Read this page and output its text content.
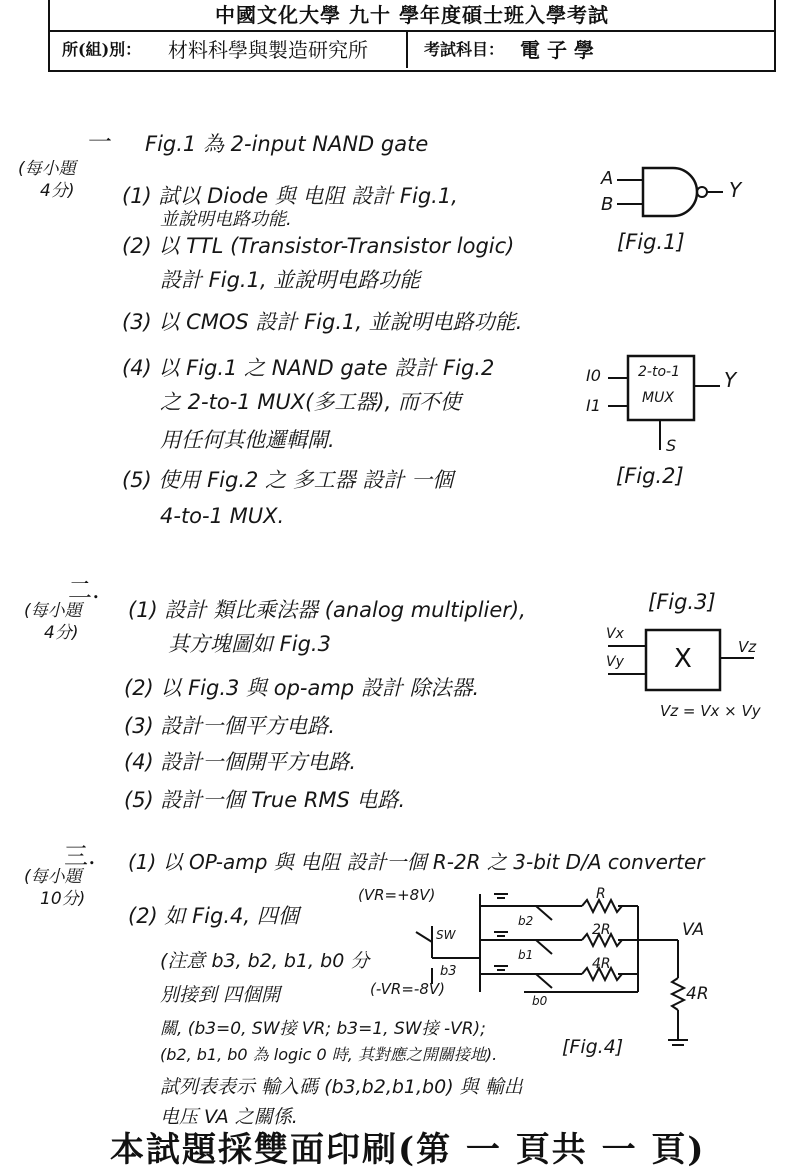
中國文化大學 九十 學年度碩士班入學考試
所(組)別： 材料科學與製造研究所	考試科目： 電 子 學
一
(每小題
4分)
Fig.1 為 2-input NAND gate
(1) 試以 Diode 與 电阻 設計 Fig.1,
並說明电路功能.
(2) 以 TTL (Transistor-Transistor logic)
設計 Fig.1, 並說明电路功能
(3) 以 CMOS 設計 Fig.1, 並說明电路功能.
(4) 以 Fig.1 之 NAND gate 設計 Fig.2
之 2-to-1 MUX(多工器), 而不使
用任何其他邏輯閘.
(5) 使用 Fig.2 之 多工器 設計 一個
4-to-1 MUX.
A
B
Y
[Fig.1]
I0
I1
2-to-1
MUX
Y
S
[Fig.2]
二.
(每小題
4分)
(1) 設計 類比乘法器 (analog multiplier),
其方塊圖如 Fig.3
(2) 以 Fig.3 與 op-amp 設計 除法器.
(3) 設計一個平方电路.
(4) 設計一個開平方电路.
(5) 設計一個 True RMS 电路.
[Fig.3]
Vx
Vy X	Vz
Vz = Vx × Vy
三.
(每小題
10分)
(1) 以 OP-amp 與 电阻 設計一個 R-2R 之 3-bit D/A converter
(2) 如 Fig.4, 四個
(注意 b3, b2, b1, b0 分
別接到 四個開
關, (b3=0, SW接 VR; b3=1, SW接 -VR);
(b2, b1, b0 為 logic 0 時, 其對應之開關接地).
試列表表示 輸入碼 (b3,b2,b1,b0) 與 輸出
电压 VA 之關係.
(VR=+8V)
(-VR=-8V)
SW
b3
b2
b1
b0
R
2R
4R
4R
VA
[Fig.4]
本試題採雙面印刷(第 一 頁共 一 頁)
